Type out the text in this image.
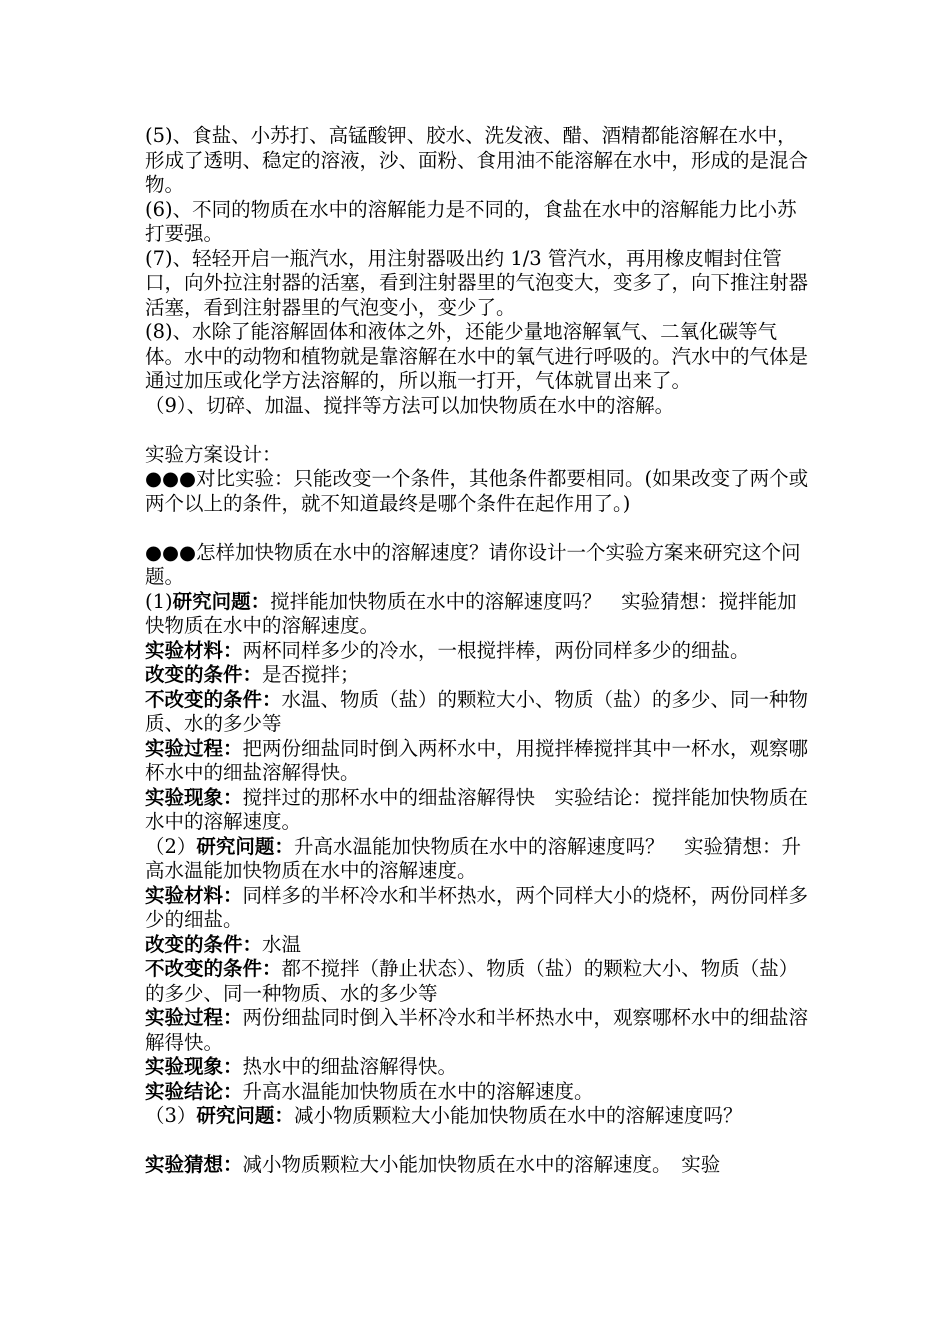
(5)、食盐、小苏打、高锰酸钾、胶水、洗发液、醋、酒精都能溶解在水中，形成了透明、稳定的溶液，沙、面粉、食用油不能溶解在水中，形成的是混合物。

(6)、不同的物质在水中的溶解能力是不同的，食盐在水中的溶解能力比小苏打要强。

(7)、轻轻开启一瓶汽水，用注射器吸出约 1/3 管汽水，再用橡皮帽封住管口，向外拉注射器的活塞，看到注射器里的气泡变大，变多了，向下推注射器活塞，看到注射器里的气泡变小，变少了。

(8)、水除了能溶解固体和液体之外，还能少量地溶解氧气、二氧化碳等气体。水中的动物和植物就是靠溶解在水中的氧气进行呼吸的。汽水中的气体是通过加压或化学方法溶解的，所以瓶一打开，气体就冒出来了。

（9）、切碎、加温、搅拌等方法可以加快物质在水中的溶解。

实验方案设计：

●●●对比实验：只能改变一个条件，其他条件都要相同。(如果改变了两个或两个以上的条件，就不知道最终是哪个条件在起作用了。)

●●●怎样加快物质在水中的溶解速度？请你设计一个实验方案来研究这个问题。

(1)研究问题：搅拌能加快物质在水中的溶解速度吗？　实验猜想：搅拌能加快物质在水中的溶解速度。

实验材料：两杯同样多少的冷水，一根搅拌棒，两份同样多少的细盐。

改变的条件：是否搅拌；

不改变的条件：水温、物质（盐）的颗粒大小、物质（盐）的多少、同一种物质、水的多少等

实验过程：把两份细盐同时倒入两杯水中，用搅拌棒搅拌其中一杯水，观察哪杯水中的细盐溶解得快。

实验现象：搅拌过的那杯水中的细盐溶解得快　实验结论：搅拌能加快物质在水中的溶解速度。

（2）研究问题：升高水温能加快物质在水中的溶解速度吗？　实验猜想：升高水温能加快物质在水中的溶解速度。

实验材料：同样多的半杯冷水和半杯热水，两个同样大小的烧杯，两份同样多少的细盐。

改变的条件：水温

不改变的条件：都不搅拌（静止状态）、物质（盐）的颗粒大小、物质（盐）的多少、同一种物质、水的多少等

实验过程：两份细盐同时倒入半杯冷水和半杯热水中，观察哪杯水中的细盐溶解得快。

实验现象：热水中的细盐溶解得快。

实验结论：升高水温能加快物质在水中的溶解速度。

（3）研究问题：减小物质颗粒大小能加快物质在水中的溶解速度吗？

实验猜想：减小物质颗粒大小能加快物质在水中的溶解速度。　实验
